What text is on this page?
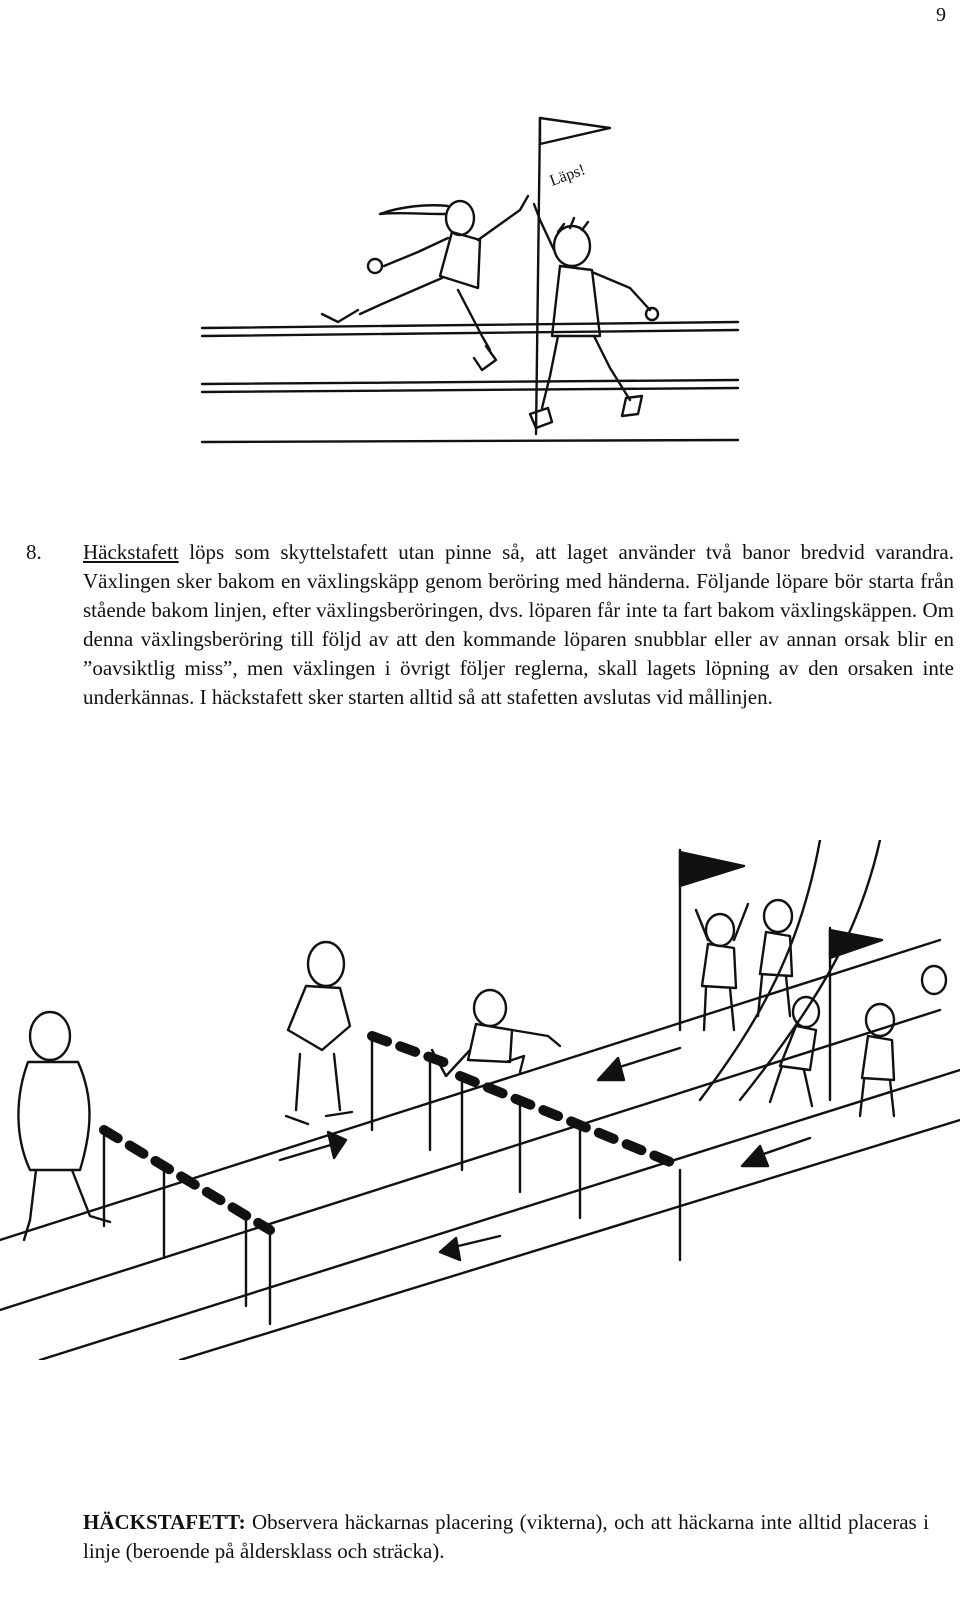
9
Läps!
8. Häckstafett löps som skyttelstafett utan pinne så, att laget använder två banor bredvid varandra. Växlingen sker bakom en växlingskäpp genom beröring med händerna. Följande löpare bör starta från stående bakom linjen, efter växlingsberöringen, dvs. löparen får inte ta fart bakom växlingskäppen. Om denna växlingsberöring till följd av att den kommande löparen snubblar eller av annan orsak blir en ”oavsiktlig miss”, men växlingen i övrigt följer reglerna, skall lagets löpning av den orsaken inte underkännas. I häckstafett sker starten alltid så att stafetten avslutas vid mållinjen.
HÄCKSTAFETT: Observera häckarnas placering (vikterna), och att häckarna inte alltid placeras i linje (beroende på åldersklass och sträcka).
